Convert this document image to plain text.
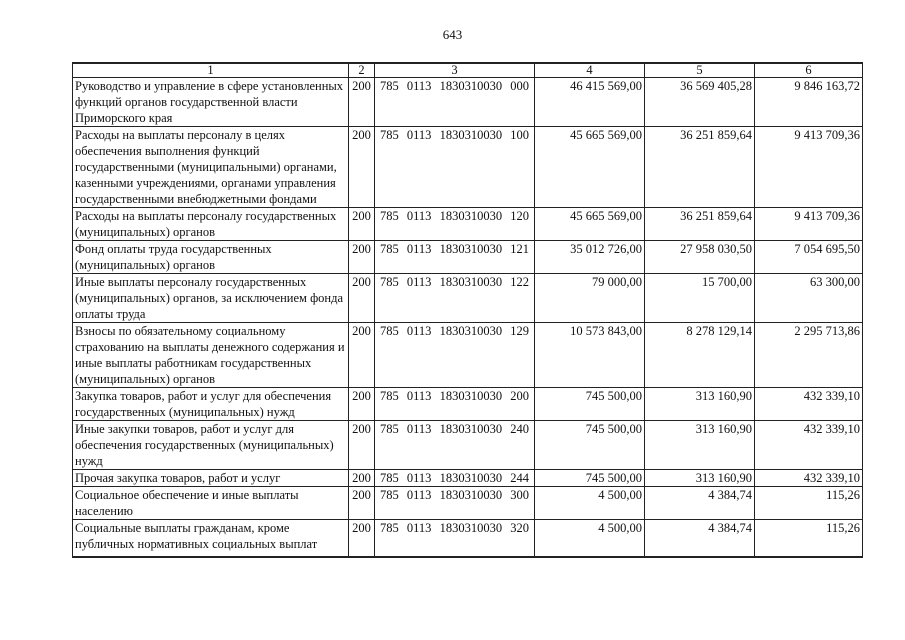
643
1	2	3	4	5	6
Руководство и управление в сфере установленных функций органов государственной власти Приморского края	200	785 0113 1830310030 000	46 415 569,00	36 569 405,28	9 846 163,72
Расходы на выплаты персоналу в целях обеспечения выполнения функций государственными (муниципальными) органами, казенными учреждениями, органами управления государственными внебюджетными фондами	200	785 0113 1830310030 100	45 665 569,00	36 251 859,64	9 413 709,36
Расходы на выплаты персоналу государственных (муниципальных) органов	200	785 0113 1830310030 120	45 665 569,00	36 251 859,64	9 413 709,36
Фонд оплаты труда государственных (муниципальных) органов	200	785 0113 1830310030 121	35 012 726,00	27 958 030,50	7 054 695,50
Иные выплаты персоналу государственных (муниципальных) органов, за исключением фонда оплаты труда	200	785 0113 1830310030 122	79 000,00	15 700,00	63 300,00
Взносы по обязательному социальному страхованию на выплаты денежного содержания и иные выплаты работникам государственных (муниципальных) органов	200	785 0113 1830310030 129	10 573 843,00	8 278 129,14	2 295 713,86
Закупка товаров, работ и услуг для обеспечения государственных (муниципальных) нужд	200	785 0113 1830310030 200	745 500,00	313 160,90	432 339,10
Иные закупки товаров, работ и услуг для обеспечения государственных (муниципальных) нужд	200	785 0113 1830310030 240	745 500,00	313 160,90	432 339,10
Прочая закупка товаров, работ и услуг	200	785 0113 1830310030 244	745 500,00	313 160,90	432 339,10
Социальное обеспечение и иные выплаты населению	200	785 0113 1830310030 300	4 500,00	4 384,74	115,26
Социальные выплаты гражданам, кроме публичных нормативных социальных выплат	200	785 0113 1830310030 320	4 500,00	4 384,74	115,26
